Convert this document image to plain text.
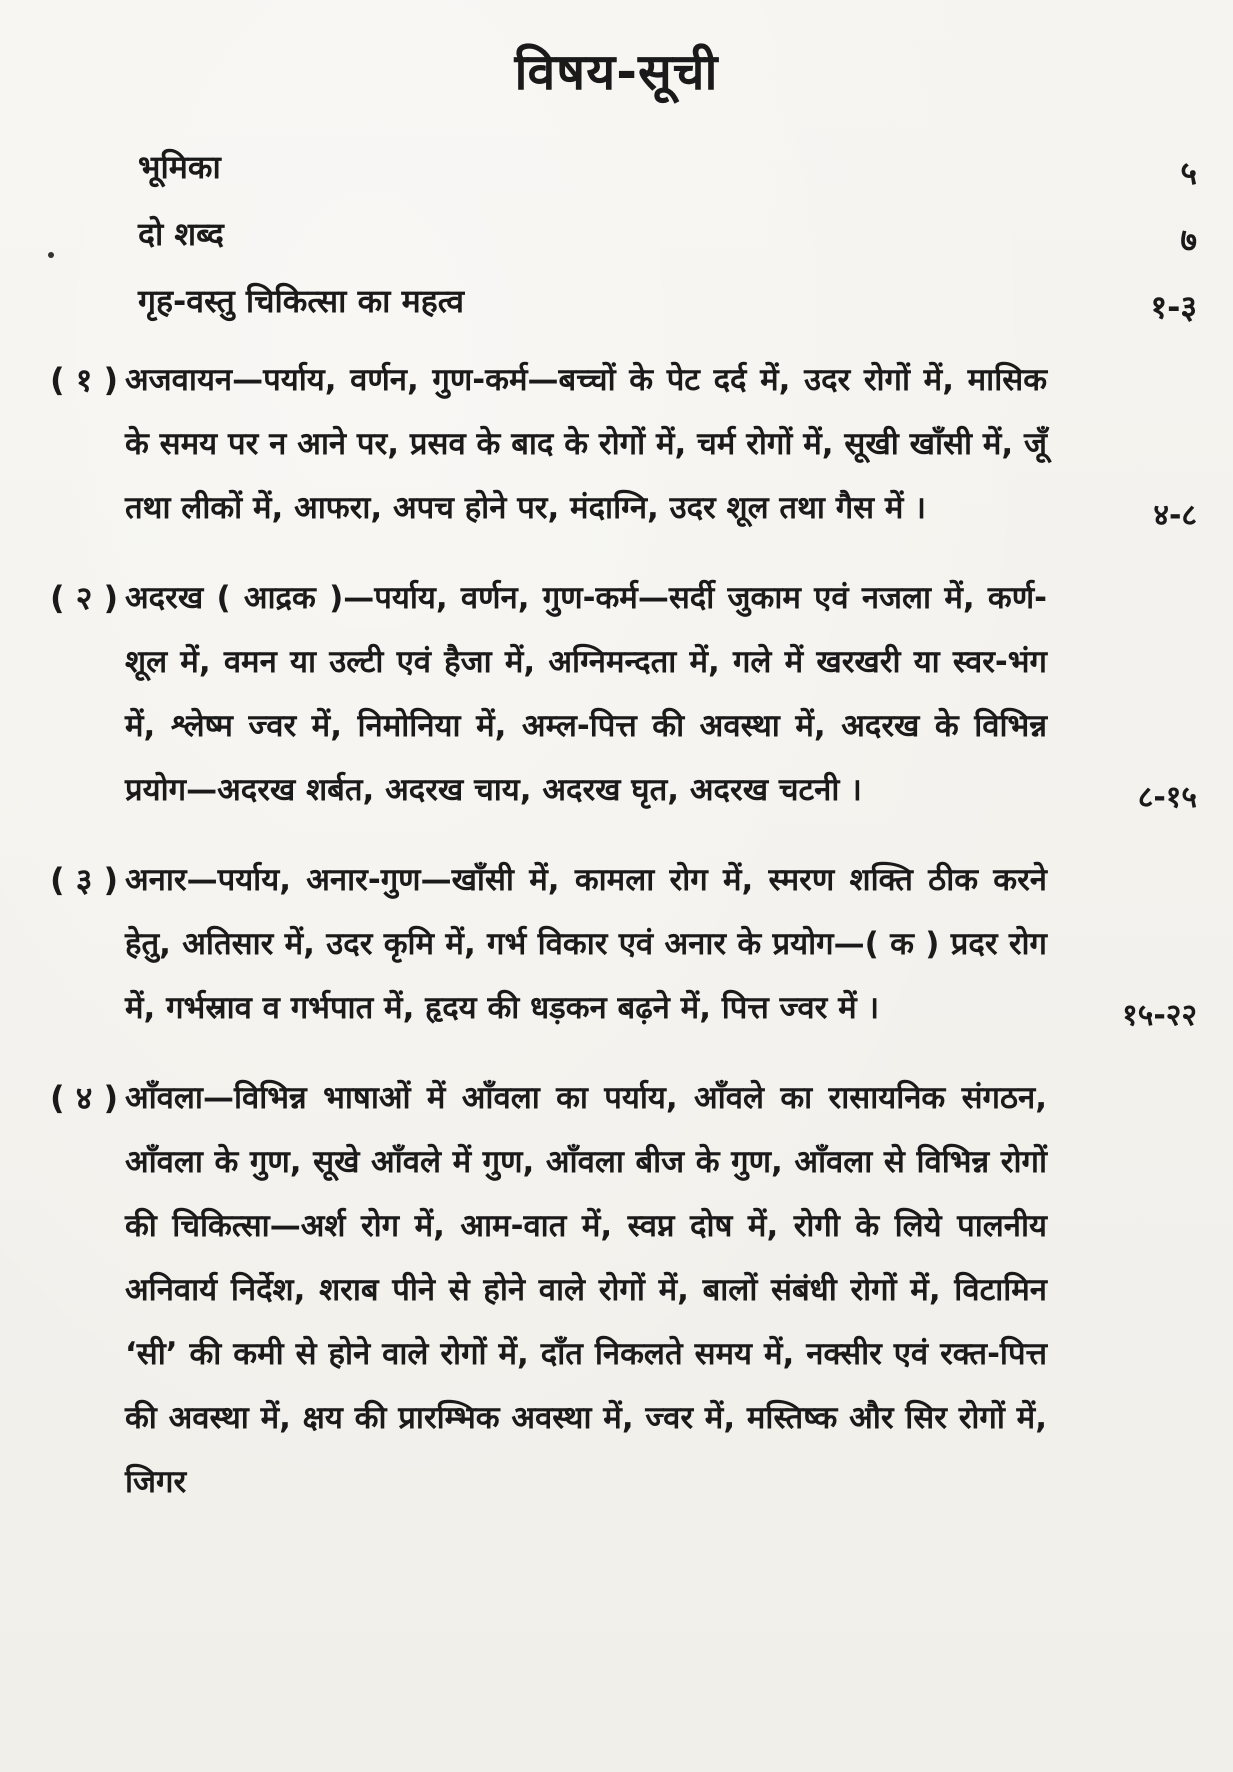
विषय-सूची
भूमिका	५
दो शब्द	७
गृह-वस्तु चिकित्सा का महत्व	१-३
( १ ) अजवायन—पर्याय, वर्णन, गुण-कर्म—बच्चों के पेट दर्द में, उदर रोगों में, मासिक के समय पर न आने पर, प्रसव के बाद के रोगों में, चर्म रोगों में, सूखी खाँसी में, जूँ तथा लीकों में, आफरा, अपच होने पर, मंदाग्नि, उदर शूल तथा गैस में ।	४-८
( २ ) अदरख ( आद्रक )—पर्याय, वर्णन, गुण-कर्म—सर्दी जुकाम एवं नजला में, कर्ण-शूल में, वमन या उल्टी एवं हैजा में, अग्निमन्दता में, गले में खरखरी या स्वर-भंग में, श्लेष्म ज्वर में, निमोनिया में, अम्ल-पित्त की अवस्था में, अदरख के विभिन्न प्रयोग—अदरख शर्बत, अदरख चाय, अदरख घृत, अदरख चटनी ।	८-१५
( ३ ) अनार—पर्याय, अनार-गुण—खाँसी में, कामला रोग में, स्मरण शक्ति ठीक करने हेतु, अतिसार में, उदर कृमि में, गर्भ विकार एवं अनार के प्रयोग—( क ) प्रदर रोग में, गर्भस्राव व गर्भपात में, हृदय की धड़कन बढ़ने में, पित्त ज्वर में ।	१५-२२
( ४ ) आँवला—विभिन्न भाषाओं में आँवला का पर्याय, आँवले का रासायनिक संगठन, आँवला के गुण, सूखे आँवले में गुण, आँवला बीज के गुण, आँवला से विभिन्न रोगों की चिकित्सा—अर्श रोग में, आम-वात में, स्वप्न दोष में, रोगी के लिये पालनीय अनिवार्य निर्देश, शराब पीने से होने वाले रोगों में, बालों संबंधी रोगों में, विटामिन ‘सी’ की कमी से होने वाले रोगों में, दाँत निकलते समय में, नक्सीर एवं रक्त-पित्त की अवस्था में, क्षय की प्रारम्भिक अवस्था में, ज्वर में, मस्तिष्क और सिर रोगों में, जिगर
